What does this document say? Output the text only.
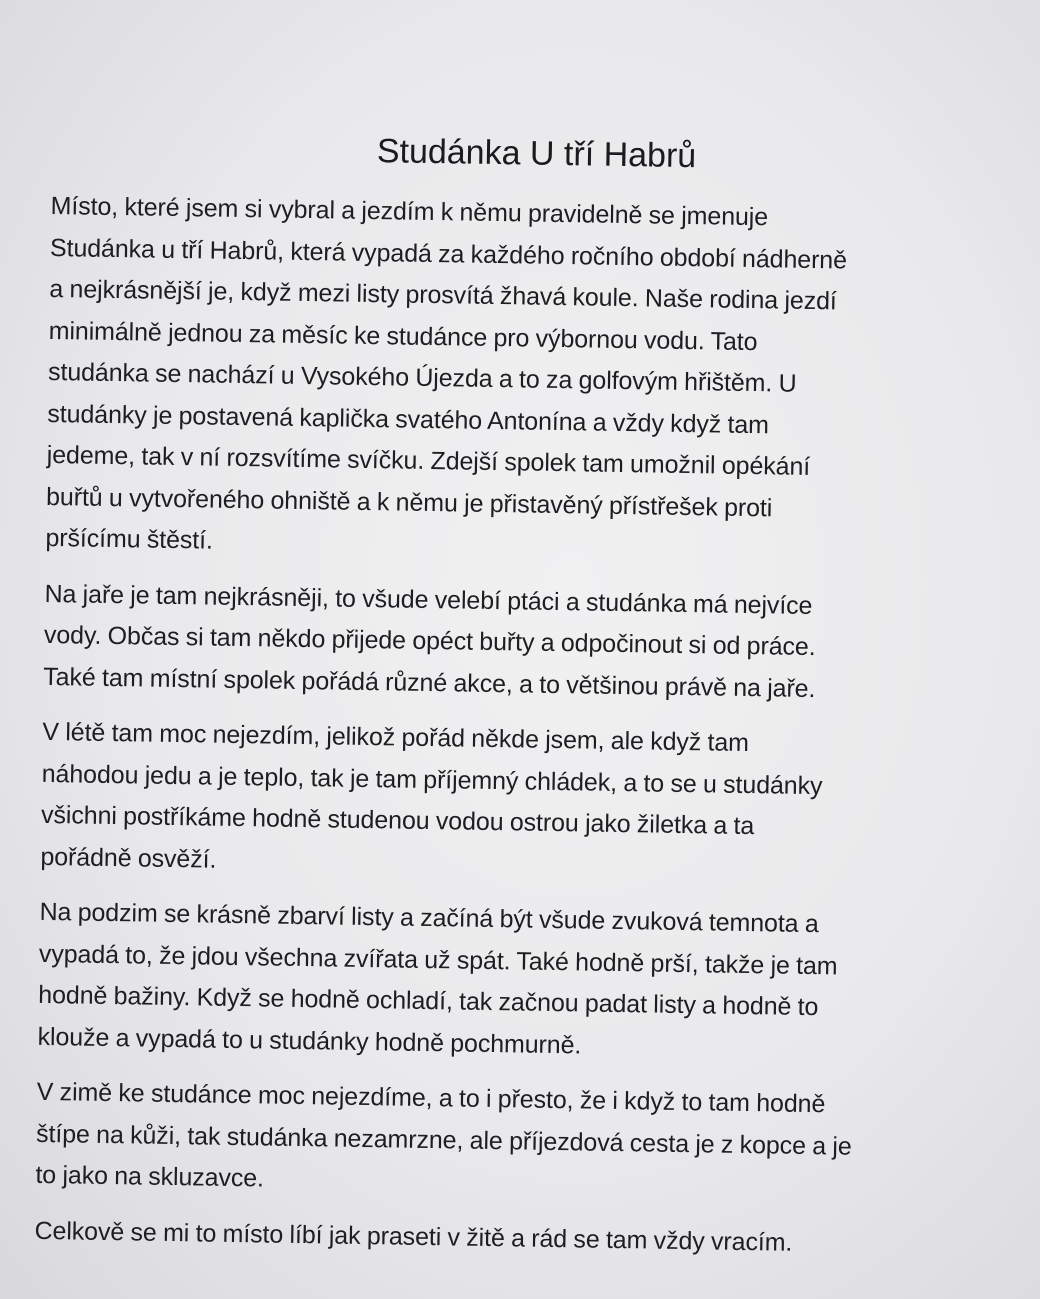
Studánka U tří Habrů
Místo, které jsem si vybral a jezdím k němu pravidelně se jmenuje
Studánka u tří Habrů, která vypadá za každého ročního období nádherně
a nejkrásnější je, když mezi listy prosvítá žhavá koule. Naše rodina jezdí
minimálně jednou za měsíc ke studánce pro výbornou vodu. Tato
studánka se nachází u Vysokého Újezda a to za golfovým hřištěm. U
studánky je postavená kaplička svatého Antonína a vždy když tam
jedeme, tak v ní rozsvítíme svíčku. Zdejší spolek tam umožnil opékání
buřtů u vytvořeného ohniště a k němu je přistavěný přístřešek proti
pršícímu štěstí.
Na jaře je tam nejkrásněji, to všude velebí ptáci a studánka má nejvíce
vody. Občas si tam někdo přijede opéct buřty a odpočinout si od práce.
Také tam místní spolek pořádá různé akce, a to většinou právě na jaře.
V létě tam moc nejezdím, jelikož pořád někde jsem, ale když tam
náhodou jedu a je teplo, tak je tam příjemný chládek, a to se u studánky
všichni postříkáme hodně studenou vodou ostrou jako žiletka a ta
pořádně osvěží.
Na podzim se krásně zbarví listy a začíná být všude zvuková temnota a
vypadá to, že jdou všechna zvířata už spát. Také hodně prší, takže je tam
hodně bažiny. Když se hodně ochladí, tak začnou padat listy a hodně to
klouže a vypadá to u studánky hodně pochmurně.
V zimě ke studánce moc nejezdíme, a to i přesto, že i když to tam hodně
štípe na kůži, tak studánka nezamrzne, ale příjezdová cesta je z kopce a je
to jako na skluzavce.
Celkově se mi to místo líbí jak praseti v žitě a rád se tam vždy vracím.
